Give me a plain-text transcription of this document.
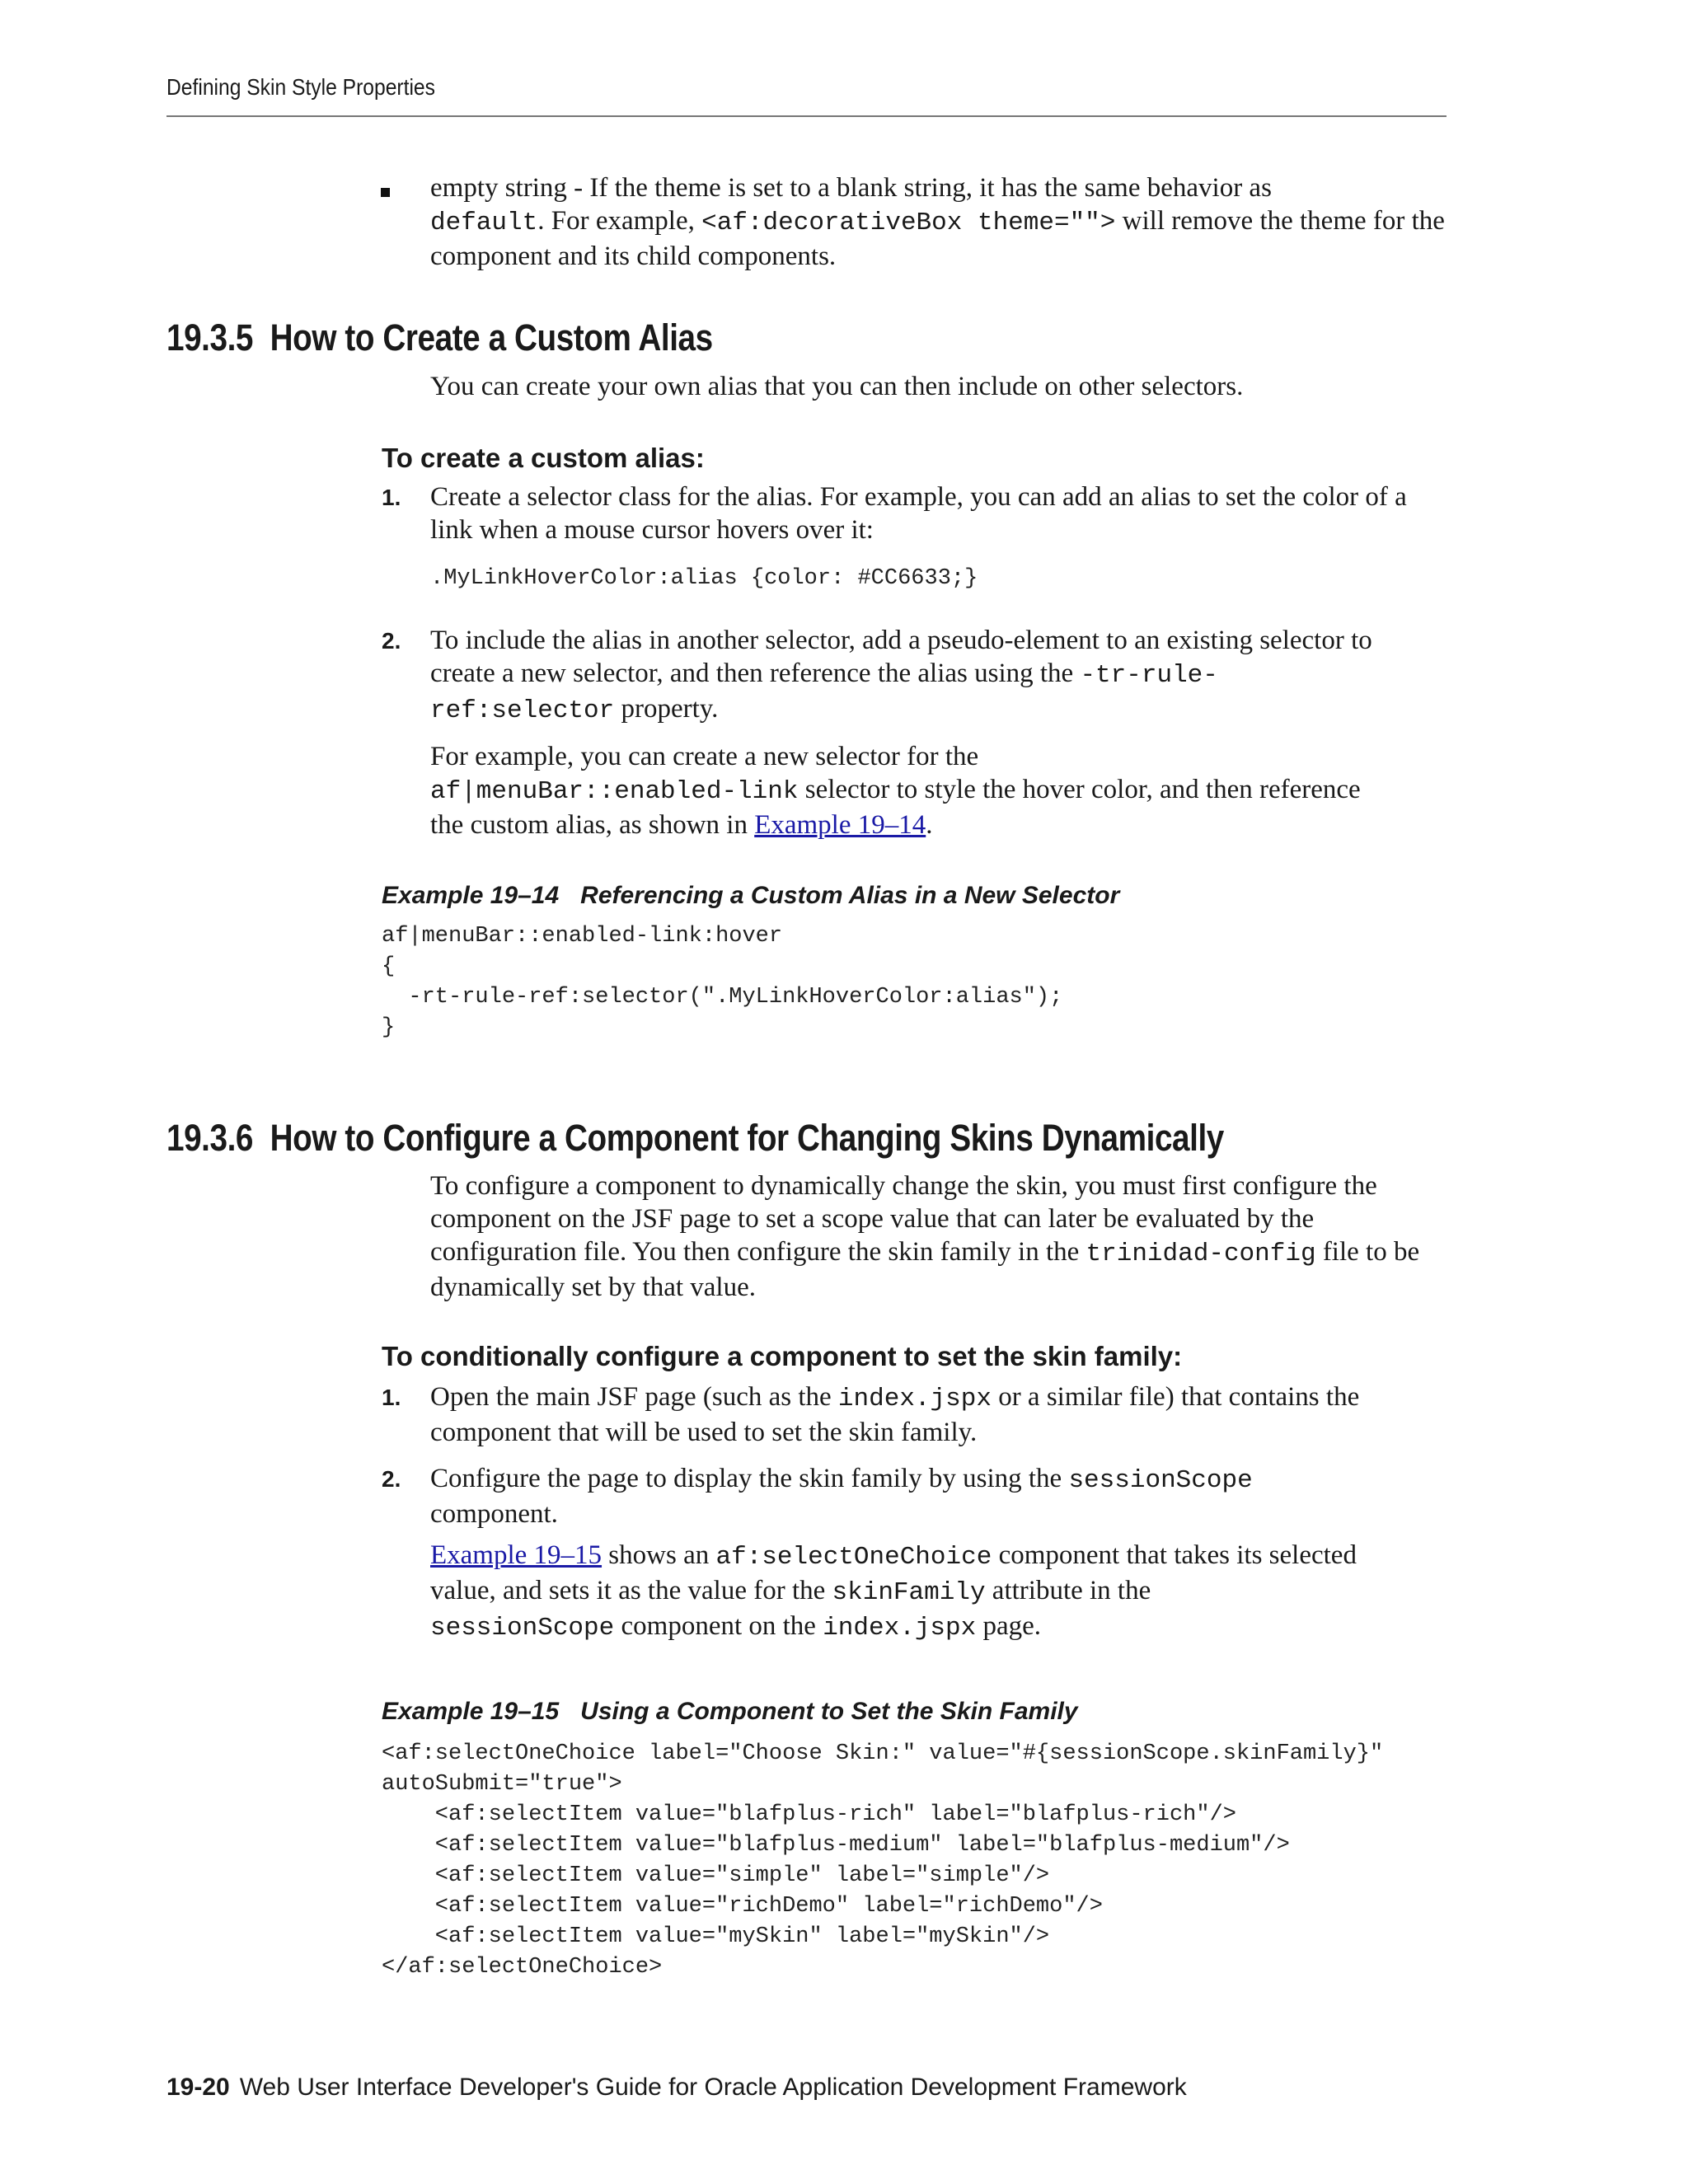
Defining Skin Style Properties
empty string - If the theme is set to a blank string, it has the same behavior as
default. For example, <af:decorativeBox theme=""> will remove the theme for the component and its child components.
19.3.5 How to Create a Custom Alias
You can create your own alias that you can then include on other selectors.
To create a custom alias:
1. Create a selector class for the alias. For example, you can add an alias to set the color of a link when a mouse cursor hovers over it:
.MyLinkHoverColor:alias {color: #CC6633;}
2. To include the alias in another selector, add a pseudo-element to an existing selector to create a new selector, and then reference the alias using the -tr-rule-ref:selector property.
For example, you can create a new selector for the
af|menuBar::enabled-link selector to style the hover color, and then reference the custom alias, as shown in Example 19–14.
Example 19–14 Referencing a Custom Alias in a New Selector
af|menuBar::enabled-link:hover
{
-rt-rule-ref:selector(".MyLinkHoverColor:alias");
}
19.3.6 How to Configure a Component for Changing Skins Dynamically
To configure a component to dynamically change the skin, you must first configure the component on the JSF page to set a scope value that can later be evaluated by the configuration file. You then configure the skin family in the trinidad-config file to be dynamically set by that value.
To conditionally configure a component to set the skin family:
1. Open the main JSF page (such as the index.jspx or a similar file) that contains the component that will be used to set the skin family.
2. Configure the page to display the skin family by using the sessionScope
component.
Example 19–15 shows an af:selectOneChoice component that takes its selected value, and sets it as the value for the skinFamily attribute in the
sessionScope component on the index.jspx page.
Example 19–15 Using a Component to Set the Skin Family
<af:selectOneChoice label="Choose Skin:" value="#{sessionScope.skinFamily}"
autoSubmit="true">
<af:selectItem value="blafplus-rich" label="blafplus-rich"/>
<af:selectItem value="blafplus-medium" label="blafplus-medium"/>
<af:selectItem value="simple" label="simple"/>
<af:selectItem value="richDemo" label="richDemo"/>
<af:selectItem value="mySkin" label="mySkin"/>
</af:selectOneChoice>
19-20 Web User Interface Developer's Guide for Oracle Application Development Framework
